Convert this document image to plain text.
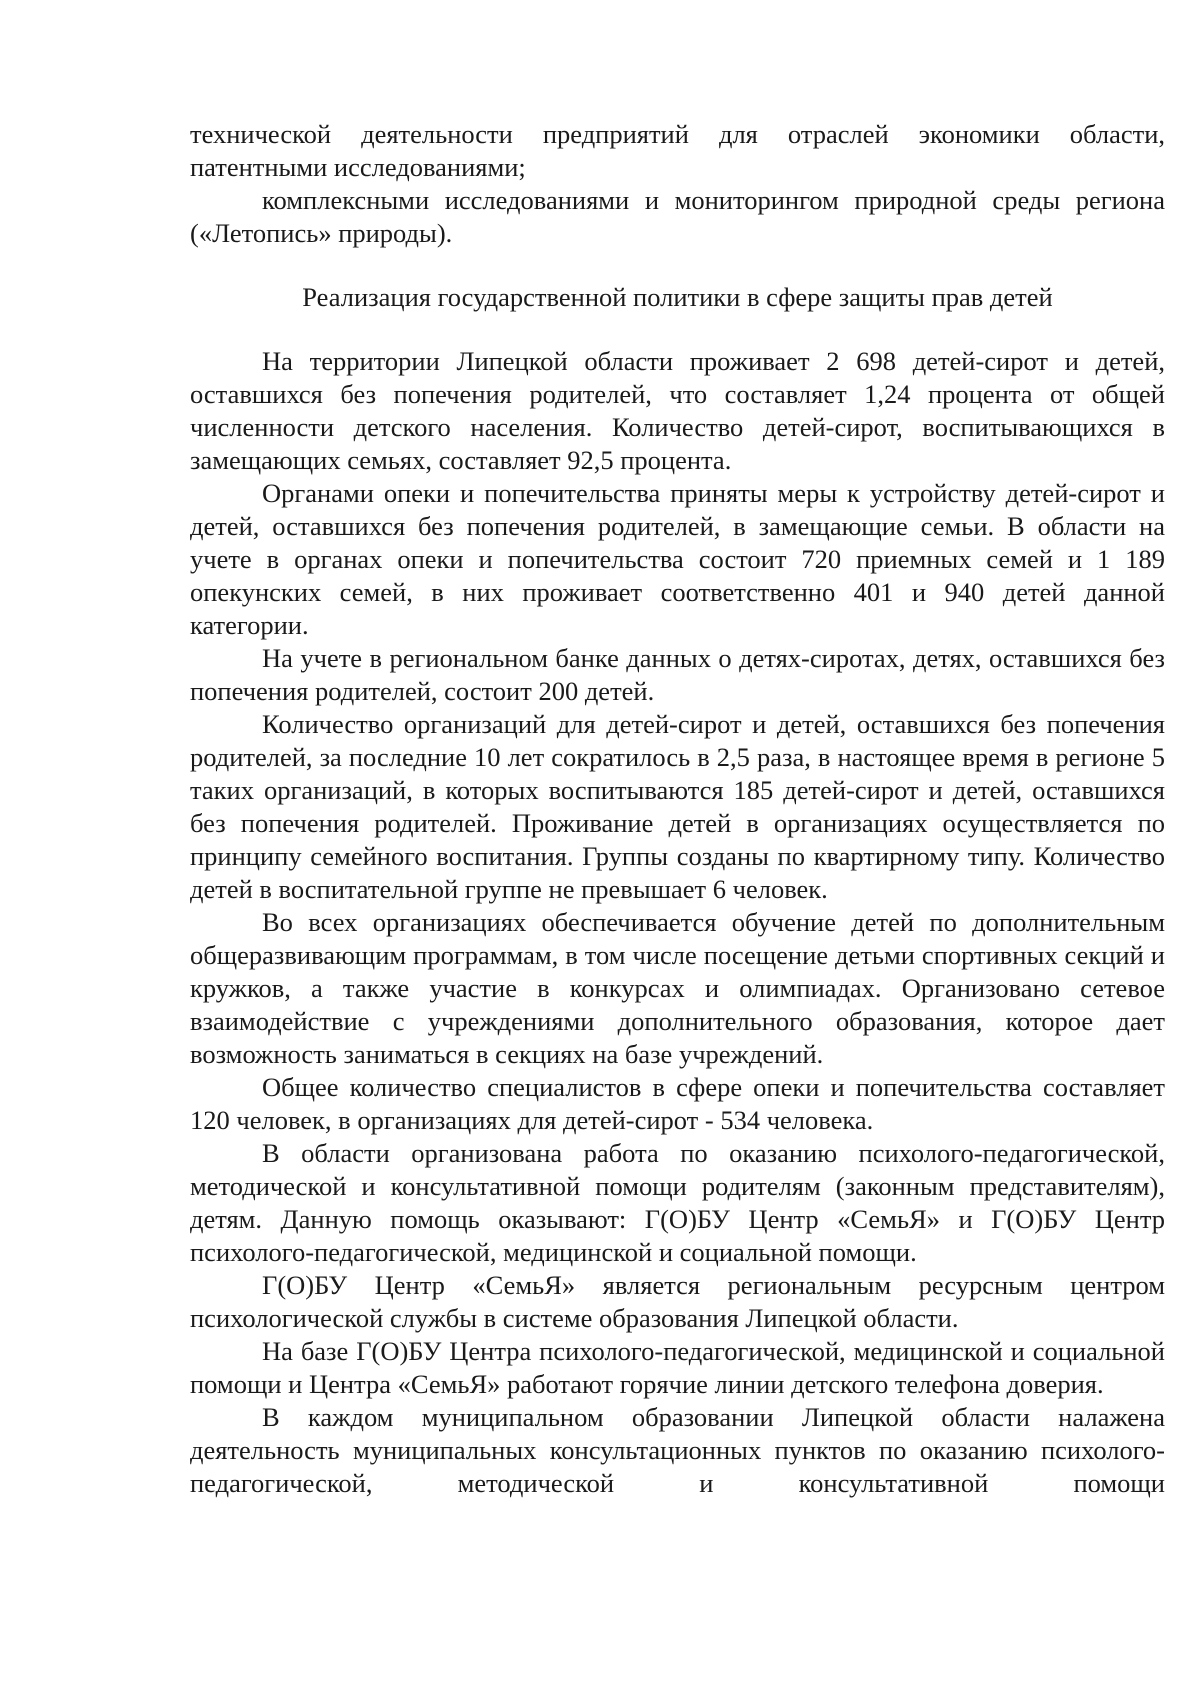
технической деятельности предприятий для отраслей экономики области, патентными исследованиями;

комплексными исследованиями и мониторингом природной среды региона («Летопись» природы).

Реализация государственной политики в сфере защиты прав детей

На территории Липецкой области проживает 2 698 детей-сирот и детей, оставшихся без попечения родителей, что составляет 1,24 процента от общей численности детского населения. Количество детей-сирот, воспитывающихся в замещающих семьях, составляет 92,5 процента.

Органами опеки и попечительства приняты меры к устройству детей-сирот и детей, оставшихся без попечения родителей, в замещающие семьи. В области на учете в органах опеки и попечительства состоит 720 приемных семей и 1 189 опекунских семей, в них проживает соответственно 401 и 940 детей данной категории.

На учете в региональном банке данных о детях-сиротах, детях, оставшихся без попечения родителей, состоит 200 детей.

Количество организаций для детей-сирот и детей, оставшихся без попечения родителей, за последние 10 лет сократилось в 2,5 раза, в настоящее время в регионе 5 таких организаций, в которых воспитываются 185 детей-сирот и детей, оставшихся без попечения родителей. Проживание детей в организациях осуществляется по принципу семейного воспитания. Группы созданы по квартирному типу. Количество детей в воспитательной группе не превышает 6 человек.

Во всех организациях обеспечивается обучение детей по дополнительным общеразвивающим программам, в том числе посещение детьми спортивных секций и кружков, а также участие в конкурсах и олимпиадах. Организовано сетевое взаимодействие с учреждениями дополнительного образования, которое дает возможность заниматься в секциях на базе учреждений.

Общее количество специалистов в сфере опеки и попечительства составляет 120 человек, в организациях для детей-сирот - 534 человека.

В области организована работа по оказанию психолого-педагогической, методической и консультативной помощи родителям (законным представителям), детям. Данную помощь оказывают: Г(О)БУ Центр «СемьЯ» и Г(О)БУ Центр психолого-педагогической, медицинской и социальной помощи.

Г(О)БУ Центр «СемьЯ» является региональным ресурсным центром психологической службы в системе образования Липецкой области.

На базе Г(О)БУ Центра психолого-педагогической, медицинской и социальной помощи и Центра «СемьЯ» работают горячие линии детского телефона доверия.

В каждом муниципальном образовании Липецкой области налажена деятельность муниципальных консультационных пунктов по оказанию психолого-педагогической, методической и консультативной помощи
